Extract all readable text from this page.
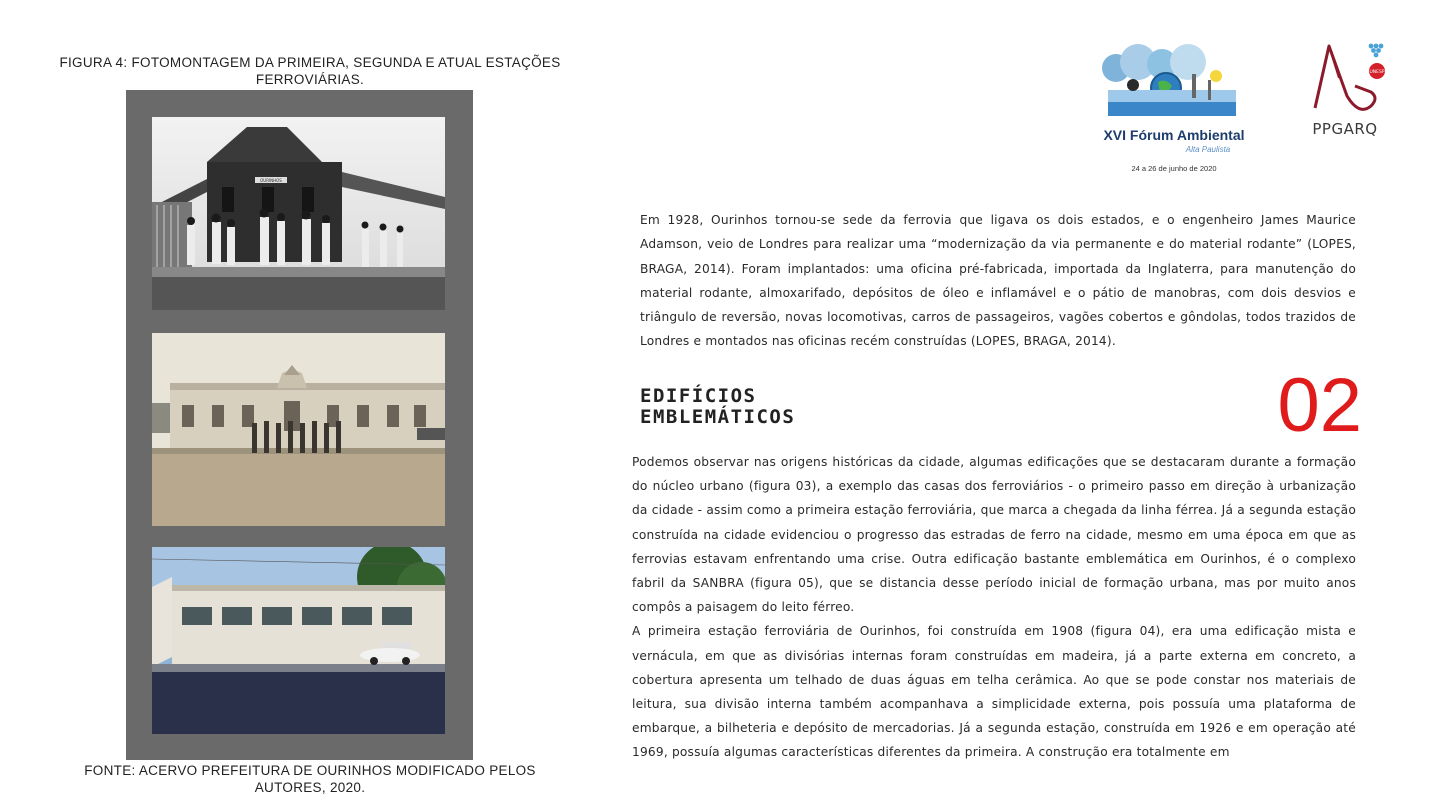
FIGURA 4: FOTOMONTAGEM DA PRIMEIRA, SEGUNDA E ATUAL ESTAÇÕES FERROVIÁRIAS.
OURINHOS
FONTE: ACERVO PREFEITURA DE OURINHOS MODIFICADO PELOS AUTORES, 2020.
XVI Fórum Ambiental
Alta Paulista
24 a 26 de junho de 2020
UNESP
PPGARQ
Em 1928, Ourinhos tornou-se sede da ferrovia que ligava os dois estados, e o engenheiro James Maurice Adamson, veio de Londres para realizar uma “modernização da via permanente e do material rodante” (LOPES, BRAGA, 2014). Foram implantados: uma oficina pré-fabricada, importada da Inglaterra, para manutenção do material rodante, almoxarifado, depósitos de óleo e inflamável e o pátio de manobras, com dois desvios e triângulo de reversão, novas locomotivas, carros de passageiros, vagões cobertos e gôndolas, todos trazidos de Londres e montados nas oficinas recém construídas (LOPES, BRAGA, 2014).
EDIFÍCIOS
EMBLEMÁTICOS	02

Podemos observar nas origens históricas da cidade, algumas edificações que se destacaram durante a formação do núcleo urbano (figura 03), a exemplo das casas dos ferroviários - o primeiro passo em direção à urbanização da cidade - assim como a primeira estação ferroviária, que marca a chegada da linha férrea. Já a segunda estação construída na cidade evidenciou o progresso das estradas de ferro na cidade, mesmo em uma época em que as ferrovias estavam enfrentando uma crise. Outra edificação bastante emblemática em Ourinhos, é o complexo fabril da SANBRA (figura 05), que se distancia desse período inicial de formação urbana, mas por muito anos compôs a paisagem do leito férreo.

A primeira estação ferroviária de Ourinhos, foi construída em 1908 (figura 04), era uma edificação mista e vernácula, em que as divisórias internas foram construídas em madeira, já a parte externa em concreto, a cobertura apresenta um telhado de duas águas em telha cerâmica. Ao que se pode constar nos materiais de leitura, sua divisão interna também acompanhava a simplicidade externa, pois possuía uma plataforma de embarque, a bilheteria e depósito de mercadorias. Já a segunda estação, construída em 1926 e em operação até 1969, possuía algumas características diferentes da primeira. A construção era totalmente em
